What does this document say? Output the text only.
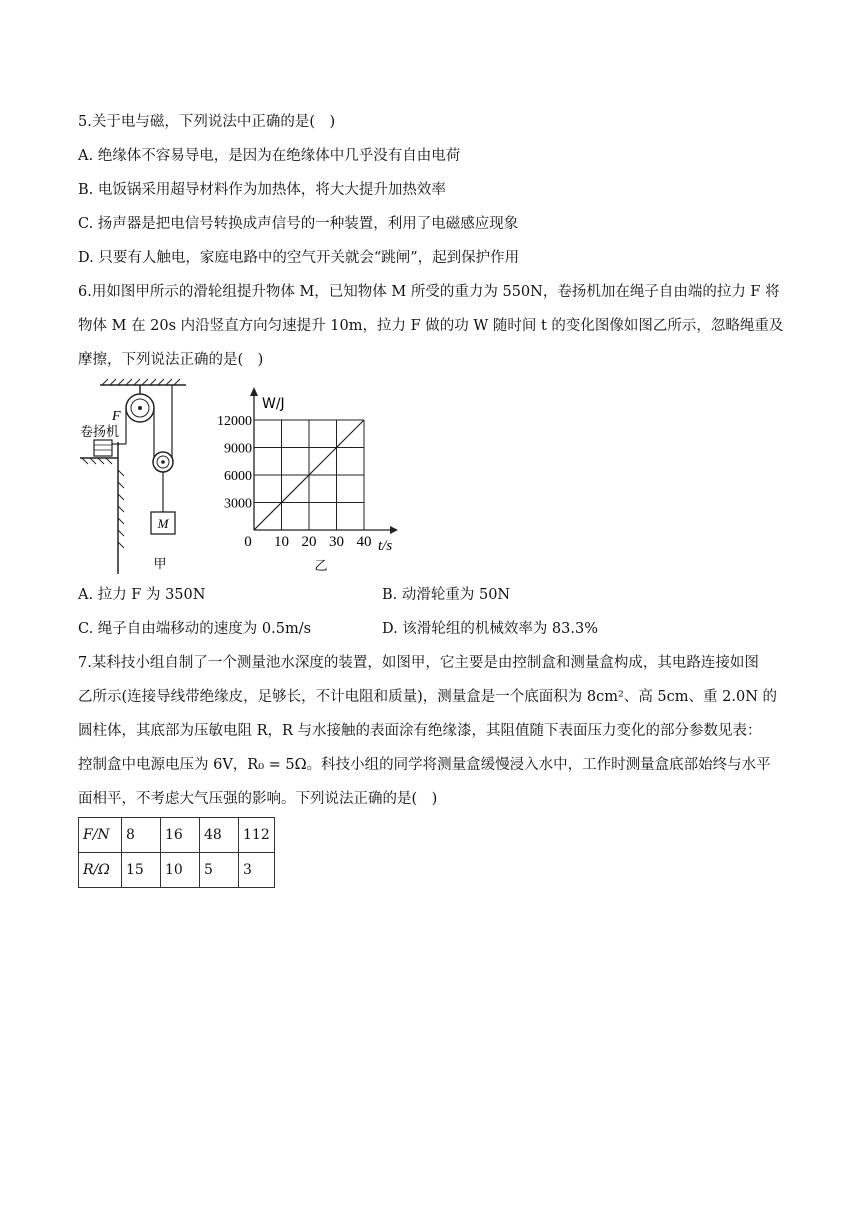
5.关于电与磁，下列说法中正确的是(　)
A. 绝缘体不容易导电，是因为在绝缘体中几乎没有自由电荷
B. 电饭锅采用超导材料作为加热体，将大大提升加热效率
C. 扬声器是把电信号转换成声信号的一种装置，利用了电磁感应现象
D. 只要有人触电，家庭电路中的空气开关就会“跳闸”，起到保护作用
6.用如图甲所示的滑轮组提升物体 M，已知物体 M 所受的重力为 550N，卷扬机加在绳子自由端的拉力 F 将
物体 M 在 20s 内沿竖直方向匀速提升 10m，拉力 F 做的功 W 随时间 t 的变化图像如图乙所示，忽略绳重及
摩擦，下列说法正确的是(　)
M
卷扬机
F
甲
12000
9000
6000
3000
10 20 30 40
W/J
t/s
0
乙
A. 拉力 F 为 350N	B. 动滑轮重为 50N
C. 绳子自由端移动的速度为 0.5m/s	D. 该滑轮组的机械效率为 83.3%
7.某科技小组自制了一个测量池水深度的装置，如图甲，它主要是由控制盒和测量盒构成，其电路连接如图
乙所示(连接导线带绝缘皮，足够长，不计电阻和质量)，测量盒是一个底面积为 8cm²、高 5cm、重 2.0N 的
圆柱体，其底部为压敏电阻 R，R 与水接触的表面涂有绝缘漆，其阻值随下表面压力变化的部分参数见表：
控制盒中电源电压为 6V，R₀ = 5Ω。科技小组的同学将测量盒缓慢浸入水中，工作时测量盒底部始终与水平
面相平，不考虑大气压强的影响。下列说法正确的是(　)
F/N	8	16	48	112
R/Ω	15	10	5	3
